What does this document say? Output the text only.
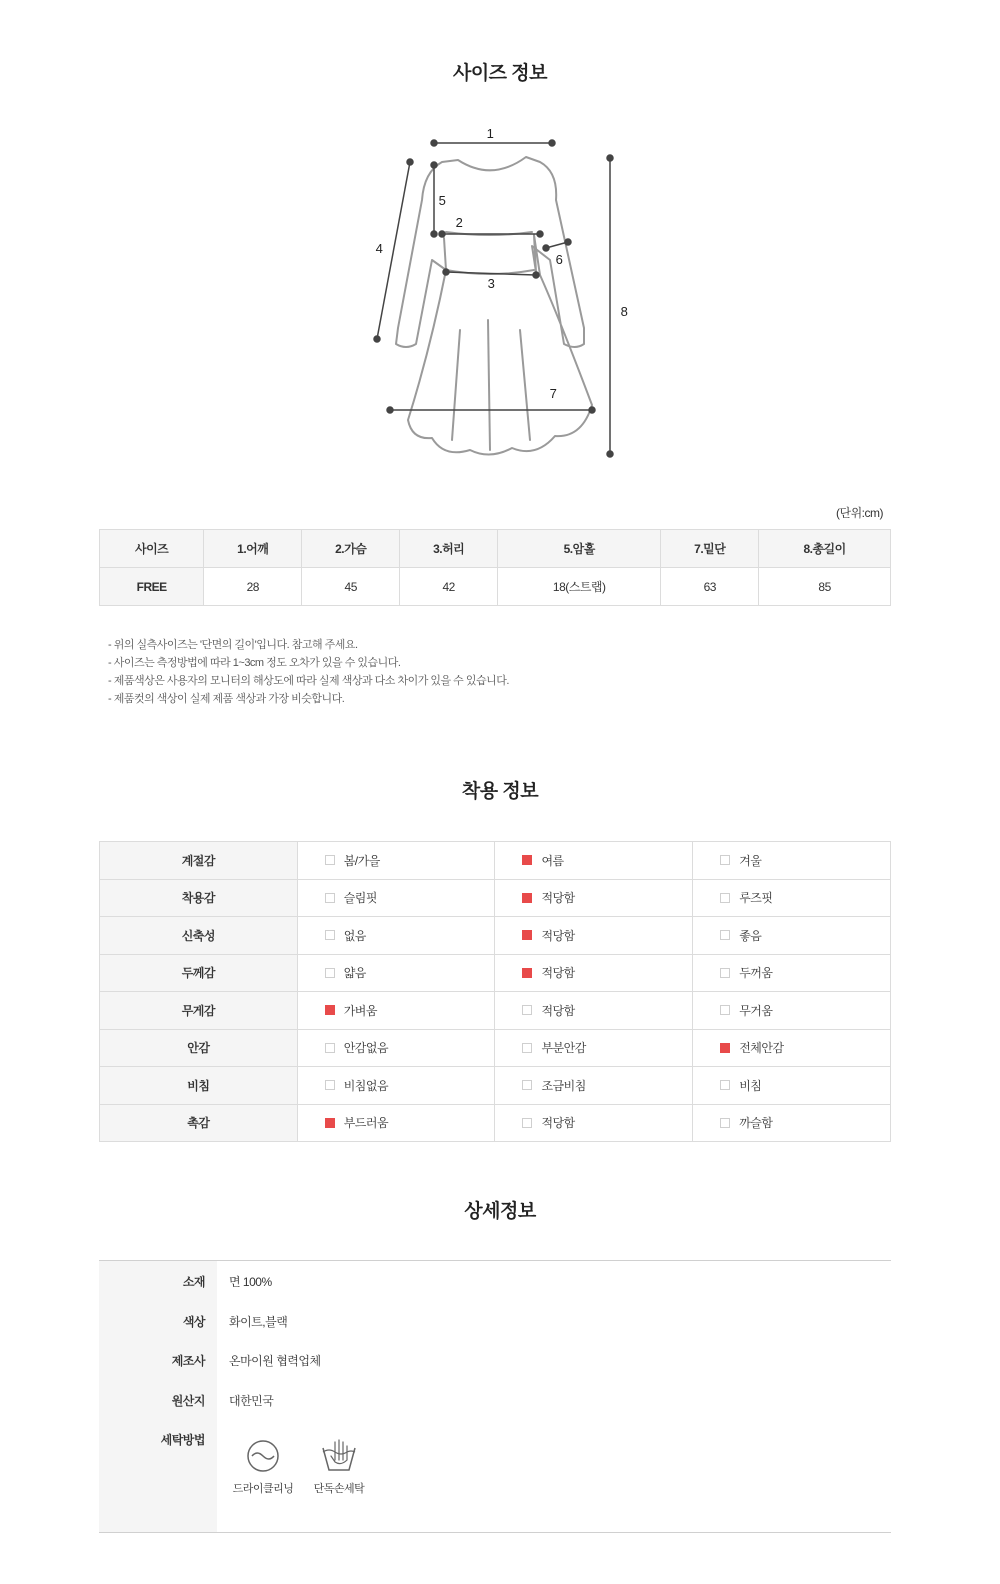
사이즈 정보
1
2
3
4
5
6
7
8
(단위:cm)
사이즈	1.어깨	2.가슴	3.허리	5.암홀	7.밑단	8.총길이
FREE	28	45	42	18(스트랩)	63	85
- 위의 실측사이즈는 '단면의 길이'입니다. 참고해 주세요.
- 사이즈는 측정방법에 따라 1~3cm 정도 오차가 있을 수 있습니다.
- 제품색상은 사용자의 모니터의 해상도에 따라 실제 색상과 다소 차이가 있을 수 있습니다.
- 제품컷의 색상이 실제 제품 색상과 가장 비슷합니다.
착용 정보
계절감	봄/가을	여름	겨울
착용감	슬림핏	적당함	루즈핏
신축성	없음	적당함	좋음
두께감	얇음	적당함	두꺼움
무게감	가벼움	적당함	무거움
안감	안감없음	부분안감	전체안감
비침	비침없음	조금비침	비침
촉감	부드러움	적당함	까슬함
상세정보
소재 면 100%
색상 화이트,블랙
제조사 온마이원 협력업체
원산지 대한민국
세탁방법
드라이클리닝	단독손세탁
